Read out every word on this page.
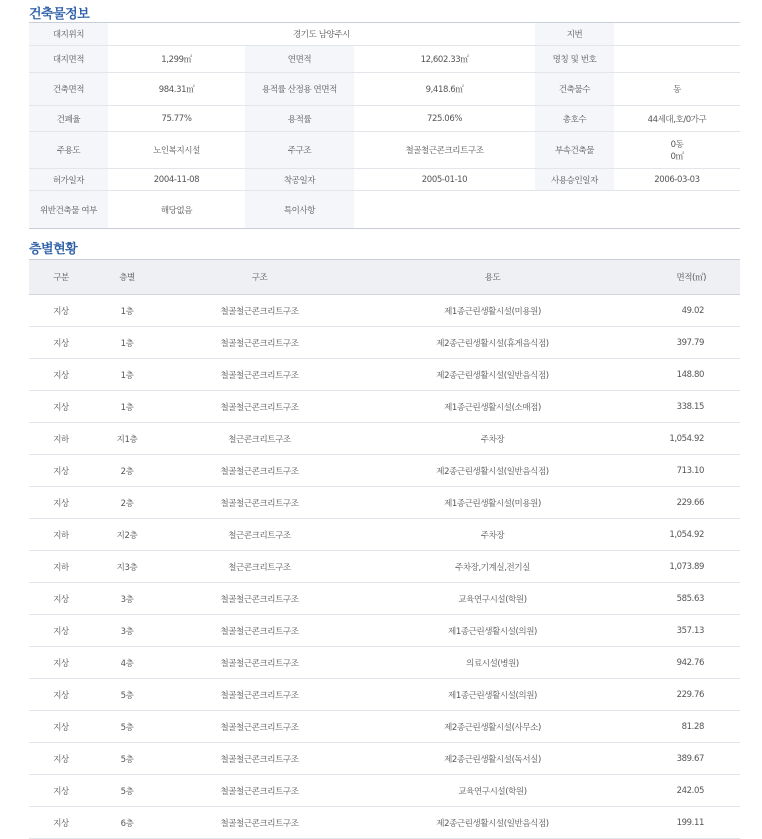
건축물정보
대지위치	경기도 남양주시			지번	
대지면적	1,299㎡	연면적	12,602.33㎡	명칭 및 번호	
건축면적	984.31㎡	용적률 산정용 연면적	9,418.6㎡	건축물수	동
건폐율	75.77%	용적률	725.06%	총호수	44세대,호/0가구
주용도	노인복지시설	주구조	철골철근콘크리트구조	부속건축물	0동
0㎡

허가일자	2004-11-08	착공일자	2005-01-10	사용승인일자	2006-03-03
위반건축물 여부	해당없음	특이사항			
층별현황
구분	층별	구조	용도	면적(㎡)
지상	1층	철골철근콘크리트구조	제1종근린생활시설(미용원)	49.02
지상	1층	철골철근콘크리트구조	제2종근린생활시설(휴게음식점)	397.79
지상	1층	철골철근콘크리트구조	제2종근린생활시설(일반음식점)	148.80
지상	1층	철골철근콘크리트구조	제1종근린생활시설(소매점)	338.15
지하	지1층	철근콘크리트구조	주차장	1,054.92
지상	2층	철골철근콘크리트구조	제2종근린생활시설(일반음식점)	713.10
지상	2층	철골철근콘크리트구조	제1종근린생활시설(미용원)	229.66
지하	지2층	철근콘크리트구조	주차장	1,054.92
지하	지3층	철근콘크리트구조	주차장,기계실,전기실	1,073.89
지상	3층	철골철근콘크리트구조	교육연구시설(학원)	585.63
지상	3층	철골철근콘크리트구조	제1종근린생활시설(의원)	357.13
지상	4층	철골철근콘크리트구조	의료시설(병원)	942.76
지상	5층	철골철근콘크리트구조	제1종근린생활시설(의원)	229.76
지상	5층	철골철근콘크리트구조	제2종근린생활시설(사무소)	81.28
지상	5층	철골철근콘크리트구조	제2종근린생활시설(독서실)	389.67
지상	5층	철골철근콘크리트구조	교육연구시설(학원)	242.05
지상	6층	철골철근콘크리트구조	제2종근린생활시설(일반음식점)	199.11
